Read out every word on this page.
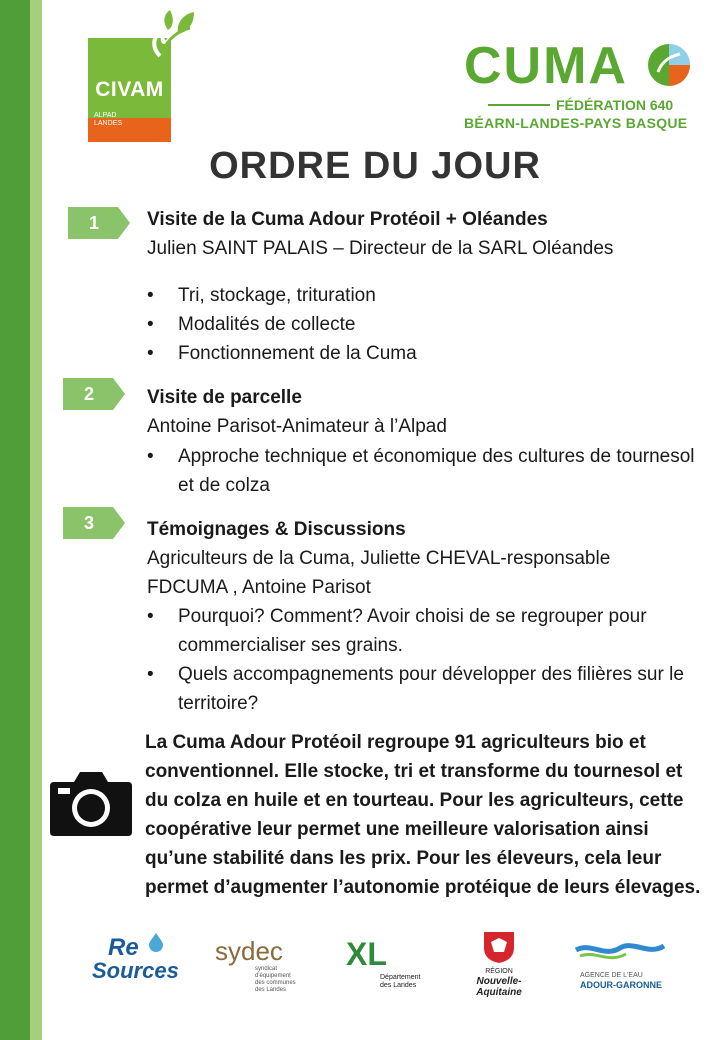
CIVAM
ALPAD
LANDES
CUMA
FÉDÉRATION 640
BÉARN-LANDES-PAYS BASQUE
ORDRE DU JOUR
1	Visite de la Cuma Adour Protéoil + Oléandes
Julien SAINT PALAIS – Directeur de la SARL Oléandes
• Tri, stockage, trituration
• Modalités de collecte
• Fonctionnement de la Cuma
2	Visite de parcelle
Antoine Parisot-Animateur à l’Alpad
• Approche technique et économique des cultures de tournesol et de colza
3	Témoignages & Discussions
Agriculteurs de la Cuma, Juliette CHEVAL-responsable
FDCUMA , Antoine Parisot
• Pourquoi? Comment? Avoir choisi de se regrouper pour commercialiser ses grains.
• Quels accompagnements pour développer des filières sur le territoire?
La Cuma Adour Protéoil regroupe 91 agriculteurs bio et conventionnel. Elle stocke, tri et transforme du tournesol et du colza en huile et en tourteau. Pour les agriculteurs, cette coopérative leur permet une meilleure valorisation ainsi qu’une stabilité dans les prix. Pour les éleveurs, cela leur permet d’augmenter l’autonomie protéique de leurs élevages.
Re
Sources
sydec
syndicat
d'équipement
des communes
des Landes
XL
Département
des Landes
RÉGION
Nouvelle-
Aquitaine
AGENCE DE L'EAU
ADOUR-GARONNE
